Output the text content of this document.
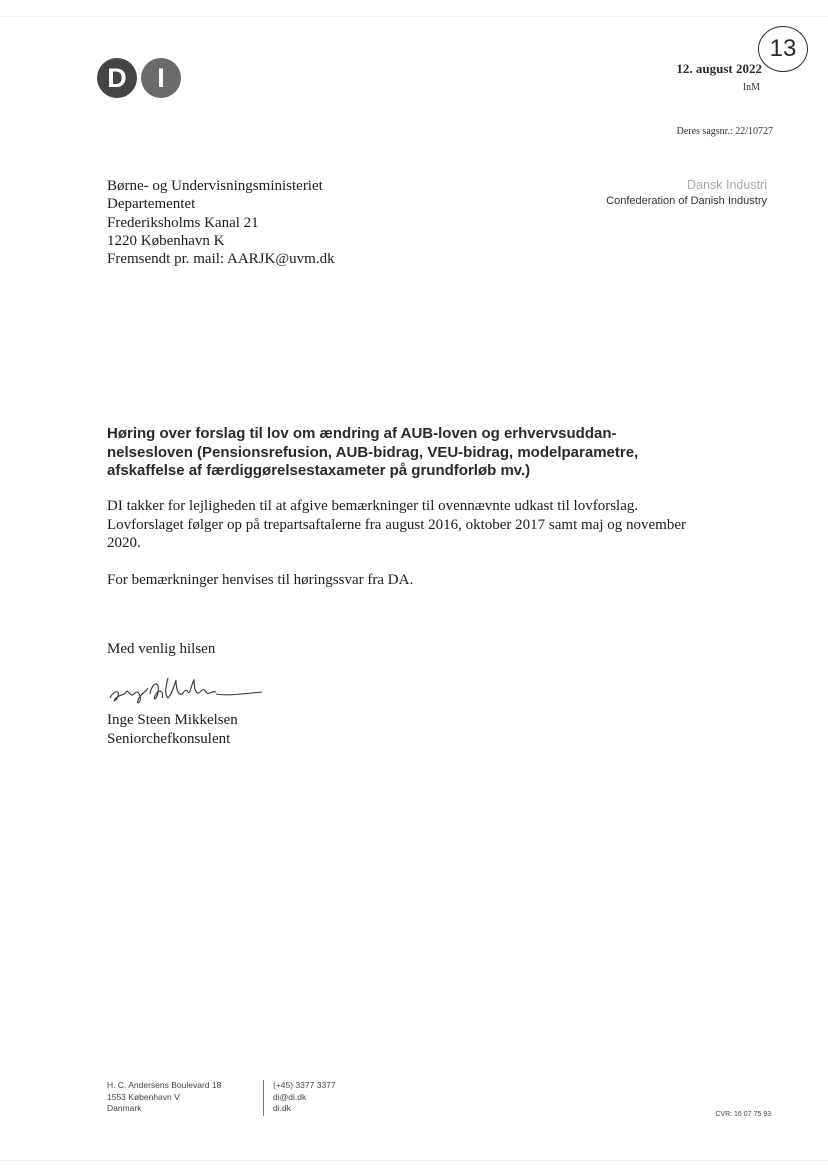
D	I
13
12. august 2022
InM
Deres sagsnr.: 22/10727
Dansk Industri
Confederation of Danish Industry
Børne- og Undervisningsministeriet
Departementet
Frederiksholms Kanal 21
1220 København K
Fremsendt pr. mail: AARJK@uvm.dk
Høring over forslag til lov om ændring af AUB-loven og erhvervsuddan-nelsesloven (Pensionsrefusion, AUB-bidrag, VEU-bidrag, modelparametre, afskaffelse af færdiggørelsestaxameter på grundforløb mv.)

DI takker for lejligheden til at afgive bemærkninger til ovennævnte udkast til lovforslag. Lovforslaget følger op på trepartsaftalerne fra august 2016, oktober 2017 samt maj og november 2020.

For bemærkninger henvises til høringssvar fra DA.

Med venlig hilsen
Inge Steen Mikkelsen
Seniorchefkonsulent
H. C. Andersens Boulevard 18
1553 København V
Danmark
(+45) 3377 3377
di@di.dk
di.dk
CVR: 16 07 75 93
